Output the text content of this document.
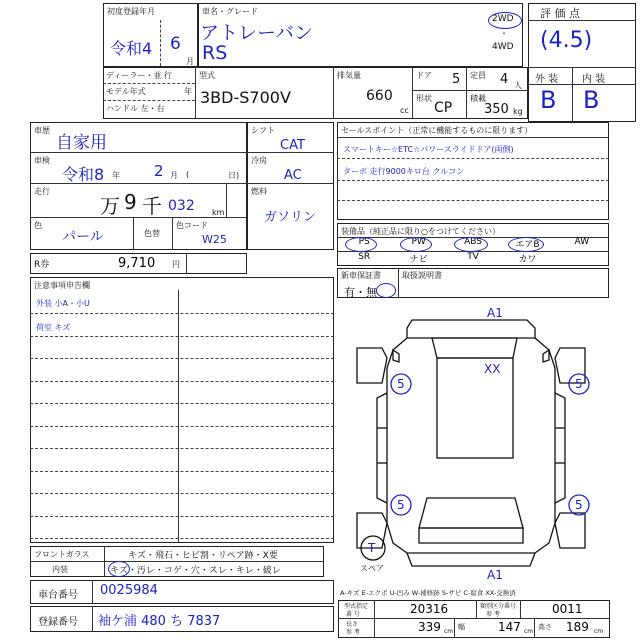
初度登録年月
令和4 6
月
車名・グレード
アトレーバン
RS
2WD
・
4WD
評 価 点
(4.5)
外 装 内 装
B B
ディーラー・並 行
モデル年式	年
ハンドル 左・右
型式
3BD-S700V
排気量
660
cc
ドア 5 定員 4 人
形状
CP
積載
350 kg
車歴
自家用
車検
令和8 年 2 月 (	日)
走行
万 9 千 032 km
色
パール	色替
色コード
W25
シフト
CAT
冷房
AC
燃料
ガソリン
セールスポイント（正常に機能するものに限ります）
スマートキー☆ETC☆パワースライドドア(両側)
ターボ 走行9000キロ台 クルコン
装備品（純正品に限り○をつけてください）
PS	PW	ABS	エアB	AW
SR	ナビ	TV	カワ
新車保証書	取扱説明書
有・無
R券	9,710 円
注意事項申告欄
外装 小A・小U
荷室 キズ
A1
XX
5	5
5	5
T
スペア	A1
A-キズ E-エクボ U-凹み W-補修跡 S-サビ C-腐食 XX-交換済
フロントガラス	キズ・飛石・ヒビ割・リペア跡・X要
内装	キズ・汚レ・コゲ・穴・スレ・キレ・破レ
車台番号 0025984
登録番号 袖ケ浦 480 ち 7837
型式指定
番 号	20316	類別区分番号
参 考	0011
長さ
参 考	339 cm
幅	147 cm
高さ 189 cm
